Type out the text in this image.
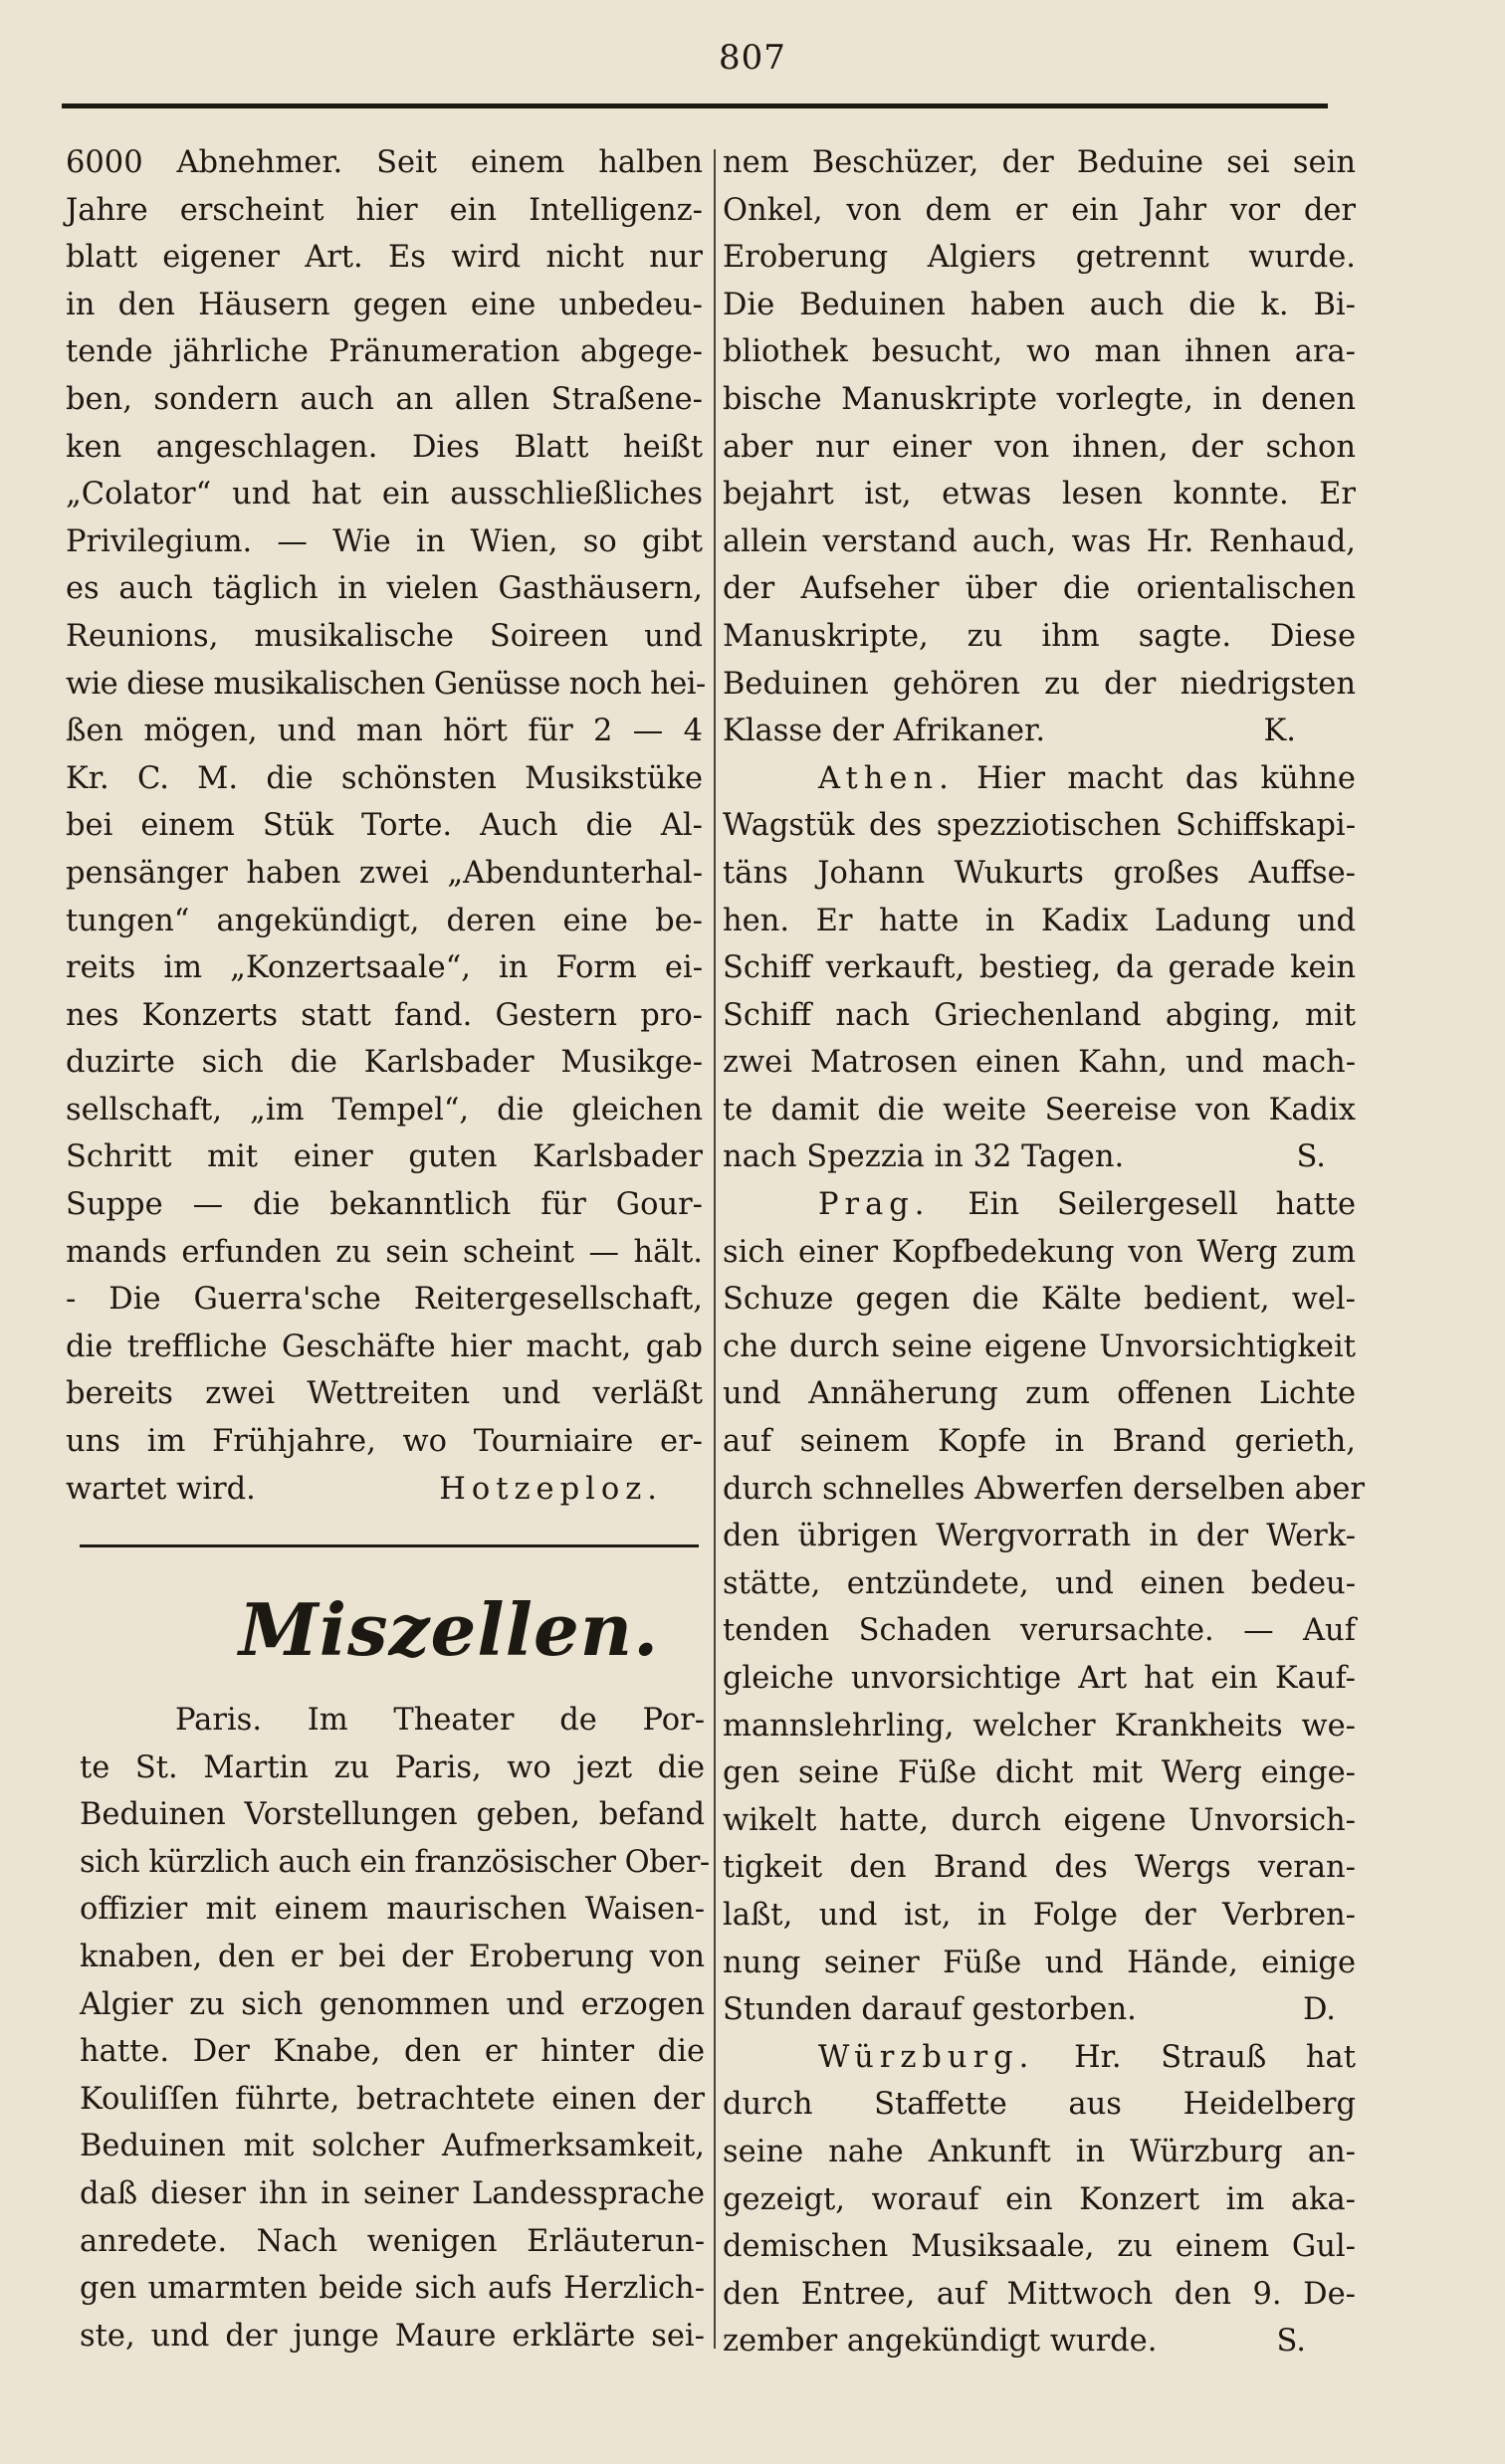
807
6000 Abnehmer. Seit einem halben
Jahre erscheint hier ein Intelligenz-
blatt eigener Art. Es wird nicht nur
in den Häusern gegen eine unbedeu-
tende jährliche Pränumeration abgege-
ben, sondern auch an allen Straßene-
ken angeschlagen. Dies Blatt heißt
„Colator“ und hat ein ausschließliches
Privilegium. — Wie in Wien, so gibt
es auch täglich in vielen Gasthäusern,
Reunions, musikalische Soireen und
wie diese musikalischen Genüsse noch hei-
ßen mögen, und man hört für 2 — 4
Kr. C. M. die schönsten Musikstüke
bei einem Stük Torte. Auch die Al-
pensänger haben zwei „Abendunterhal-
tungen“ angekündigt, deren eine be-
reits im „Konzertsaale“, in Form ei-
nes Konzerts statt fand. Gestern pro-
duzirte sich die Karlsbader Musikge-
sellschaft, „im Tempel“, die gleichen
Schritt mit einer guten Karlsbader
Suppe — die bekanntlich für Gour-
mands erfunden zu sein scheint — hält.
- Die Guerra'sche Reitergesellschaft,
die treffliche Geschäfte hier macht, gab
bereits zwei Wettreiten und verläßt
uns im Frühjahre, wo Tourniaire er-
wartet wird.	Hotzeploz.
Miszellen.
Paris. Im Theater de Por-
te St. Martin zu Paris, wo jezt die
Beduinen Vorstellungen geben, befand
sich kürzlich auch ein französischer Ober-
offizier mit einem maurischen Waisen-
knaben, den er bei der Eroberung von
Algier zu sich genommen und erzogen
hatte. Der Knabe, den er hinter die
Kouliſſen führte, betrachtete einen der
Beduinen mit solcher Aufmerksamkeit,
daß dieser ihn in seiner Landessprache
anredete. Nach wenigen Erläuterun-
gen umarmten beide sich aufs Herzlich-
ste, und der junge Maure erklärte sei-
nem Beschüzer, der Beduine sei sein
Onkel, von dem er ein Jahr vor der
Eroberung Algiers getrennt wurde.
Die Beduinen haben auch die k. Bi-
bliothek besucht, wo man ihnen ara-
bische Manuskripte vorlegte, in denen
aber nur einer von ihnen, der schon
bejahrt ist, etwas lesen konnte. Er
allein verstand auch, was Hr. Renhaud,
der Aufseher über die orientalischen
Manuskripte, zu ihm sagte. Diese
Beduinen gehören zu der niedrigsten
Klasse der Afrikaner.	K.
Athen. Hier macht das kühne
Wagstük des spezziotischen Schiffskapi-
täns Johann Wukurts großes Auffse-
hen. Er hatte in Kadix Ladung und
Schiff verkauft, bestieg, da gerade kein
Schiff nach Griechenland abging, mit
zwei Matrosen einen Kahn, und mach-
te damit die weite Seereise von Kadix
nach Spezzia in 32 Tagen.	S.
Prag. Ein Seilergesell hatte
sich einer Kopfbedekung von Werg zum
Schuze gegen die Kälte bedient, wel-
che durch seine eigene Unvorsichtigkeit
und Annäherung zum offenen Lichte
auf seinem Kopfe in Brand gerieth,
durch schnelles Abwerfen derselben aber
den übrigen Wergvorrath in der Werk-
stätte, entzündete, und einen bedeu-
tenden Schaden verursachte. — Auf
gleiche unvorsichtige Art hat ein Kauf-
mannslehrling, welcher Krankheits we-
gen seine Füße dicht mit Werg einge-
wikelt hatte, durch eigene Unvorsich-
tigkeit den Brand des Wergs veran-
laßt, und ist, in Folge der Verbren-
nung seiner Füße und Hände, einige
Stunden darauf gestorben.	D.
Würzburg. Hr. Strauß hat
durch Staffette aus Heidelberg
seine nahe Ankunft in Würzburg an-
gezeigt, worauf ein Konzert im aka-
demischen Musiksaale, zu einem Gul-
den Entree, auf Mittwoch den 9. De-
zember angekündigt wurde.	S.
